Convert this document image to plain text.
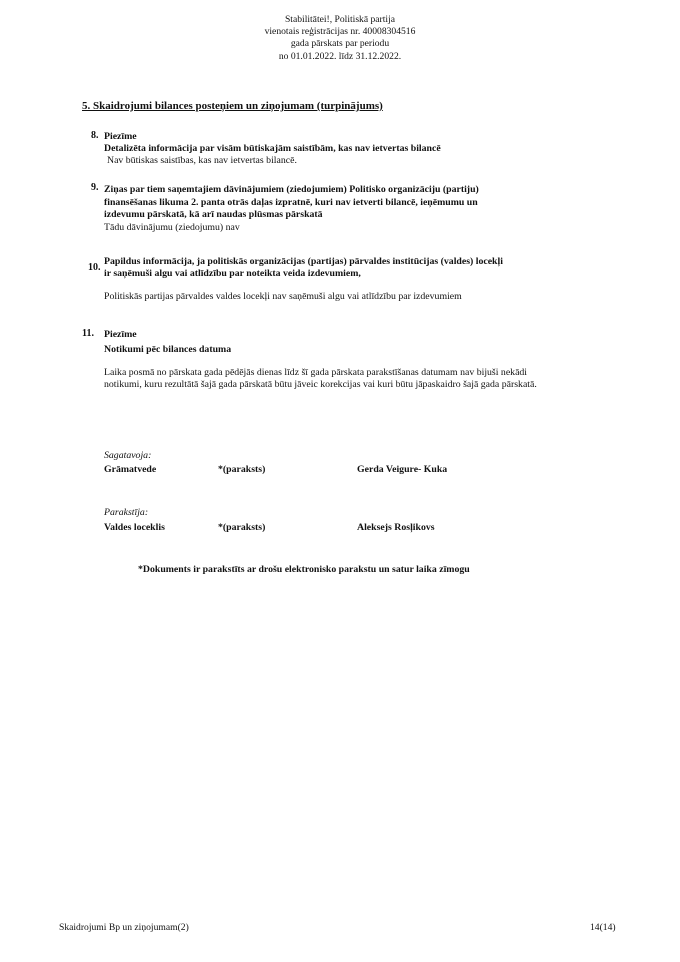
Stabilitātei!, Politiskā partija
vienotais reģistrācijas nr. 40008304516
gada pārskats par periodu
no 01.01.2022. līdz 31.12.2022.
5. Skaidrojumi bilances posteņiem un ziņojumam (turpinājums)
8. Piezīme
Detalizēta informācija par visām būtiskajām saistībām, kas nav ietvertas bilancē
Nav būtiskas saistības, kas nav ietvertas bilancē.
9. Ziņas par tiem saņemtajiem dāvinājumiem (ziedojumiem) Politisko organizāciju (partiju)
finansēšanas likuma 2. panta otrās daļas izpratnē, kuri nav ietverti bilancē, ieņēmumu un
izdevumu pārskatā, kā arī naudas plūsmas pārskatā
Tādu dāvinājumu (ziedojumu) nav
10.
Papildus informācija, ja politiskās organizācijas (partijas) pārvaldes institūcijas (valdes) locekļi
ir saņēmuši algu vai atlīdzību par noteikta veida izdevumiem,
Politiskās partijas pārvaldes valdes locekļi nav saņēmuši algu vai atlīdzību par izdevumiem
11. Piezīme
Notikumi pēc bilances datuma
Laika posmā no pārskata gada pēdējās dienas līdz šī gada pārskata parakstīšanas datumam nav bijuši nekādi
notikumi, kuru rezultātā šajā gada pārskatā būtu jāveic korekcijas vai kuri būtu jāpaskaidro šajā gada pārskatā.
Sagatavoja:
Grāmatvede	*(paraksts)	Gerda Veigure- Kuka
Parakstīja:
Valdes loceklis	*(paraksts)	Aleksejs Rosļikovs
*Dokuments ir parakstīts ar drošu elektronisko parakstu un satur laika zīmogu
Skaidrojumi Bp un ziņojumam(2)	14(14)
